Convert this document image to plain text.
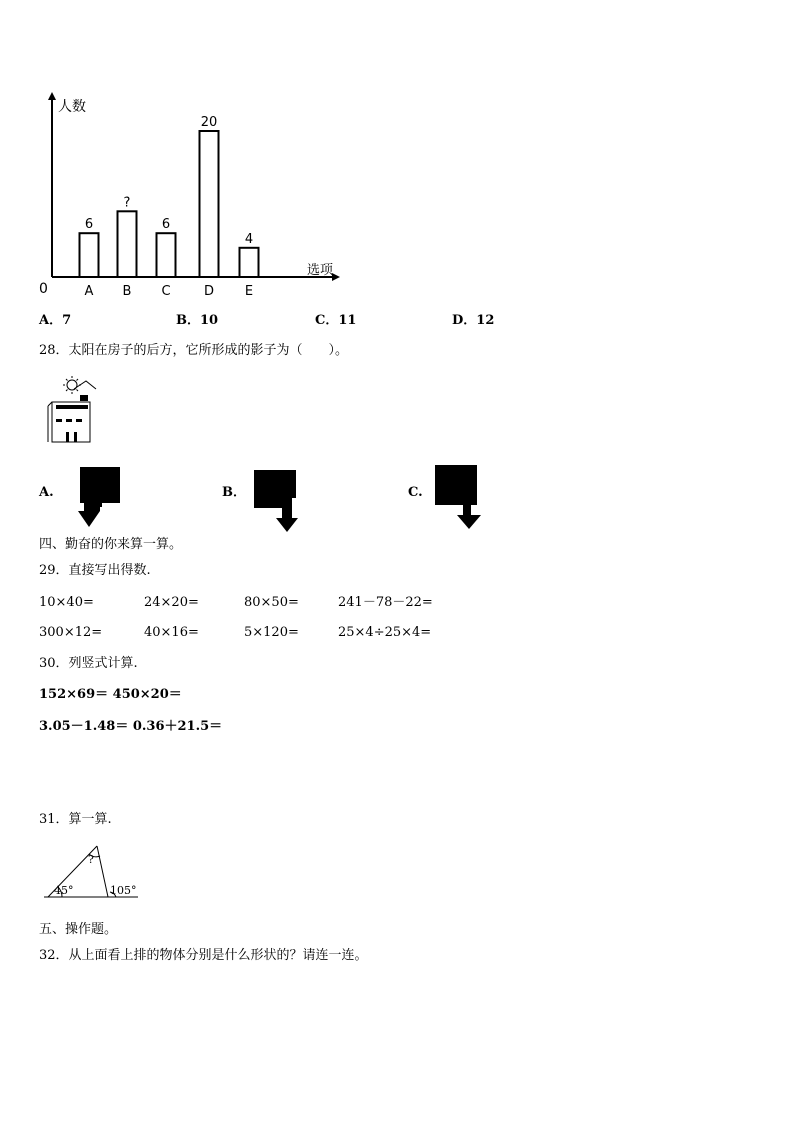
6
A
?
B
6
C
20
D
4
E
人数
选项
0
A．7	B．10	C．11	D．12
28．太阳在房子的后方，它所形成的影子为（　　）。
A.	B．	C.
四、勤奋的你来算一算。
29．直接写出得数.
10×40=	24×20=	80×50=	241－78－22=
300×12=	40×16=	5×120=	25×4÷25×4=
30．列竖式计算.
152×69＝ 450×20＝
3.05－1.48＝ 0.36＋21.5＝
31．算一算.
45°
?
105°
五、操作题。
32．从上面看上排的物体分别是什么形状的？请连一连。
